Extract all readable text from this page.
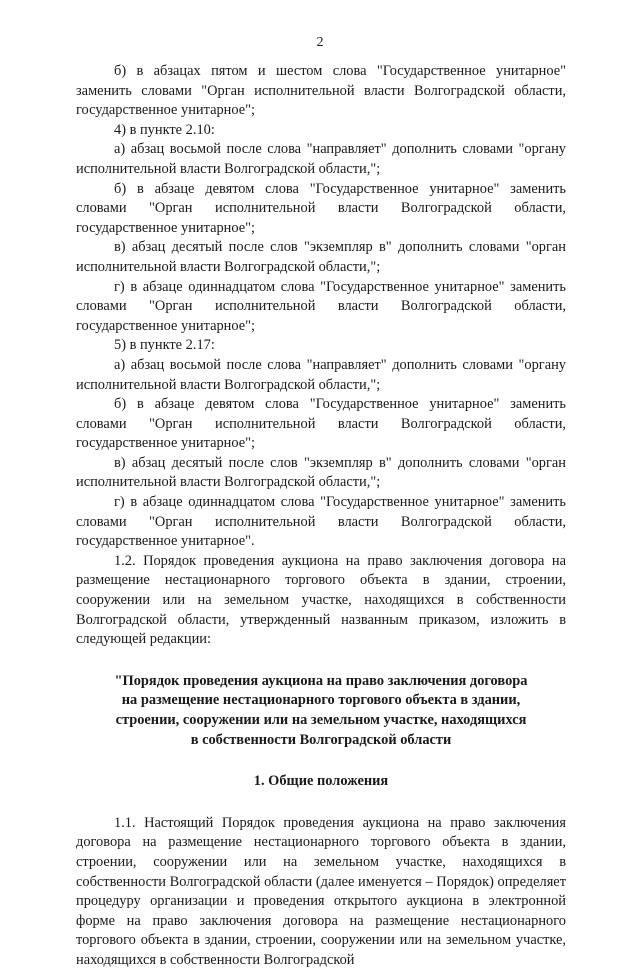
2

б) в абзацах пятом и шестом слова "Государственное унитарное" заменить словами "Орган исполнительной власти Волгоградской области, государственное унитарное";

4) в пункте 2.10:

а) абзац восьмой после слова "направляет" дополнить словами "органу исполнительной власти Волгоградской области,";

б) в абзаце девятом слова "Государственное унитарное" заменить словами "Орган исполнительной власти Волгоградской области, государственное унитарное";

в) абзац десятый после слов "экземпляр в" дополнить словами "орган исполнительной власти Волгоградской области,";

г) в абзаце одиннадцатом слова "Государственное унитарное" заменить словами "Орган исполнительной власти Волгоградской области, государственное унитарное";

5) в пункте 2.17:

а) абзац восьмой после слова "направляет" дополнить словами "органу исполнительной власти Волгоградской области,";

б) в абзаце девятом слова "Государственное унитарное" заменить словами "Орган исполнительной власти Волгоградской области, государственное унитарное";

в) абзац десятый после слов "экземпляр в" дополнить словами "орган исполнительной власти Волгоградской области,";

г) в абзаце одиннадцатом слова "Государственное унитарное" заменить словами "Орган исполнительной власти Волгоградской области, государственное унитарное".

1.2. Порядок проведения аукциона на право заключения договора на размещение нестационарного торгового объекта в здании, строении, сооружении или на земельном участке, находящихся в собственности Волгоградской области, утвержденный названным приказом, изложить в следующей редакции:

"Порядок проведения аукциона на право заключения договора

на размещение нестационарного торгового объекта в здании,

строении, сооружении или на земельном участке, находящихся

в собственности Волгоградской области

1. Общие положения

1.1. Настоящий Порядок проведения аукциона на право заключения договора на размещение нестационарного торгового объекта в здании, строении, сооружении или на земельном участке, находящихся в собственности Волгоградской области (далее именуется – Порядок) определяет процедуру организации и проведения открытого аукциона в электронной форме на право заключения договора на размещение нестационарного торгового объекта в здании, строении, сооружении или на земельном участке, находящихся в собственности Волгоградской
